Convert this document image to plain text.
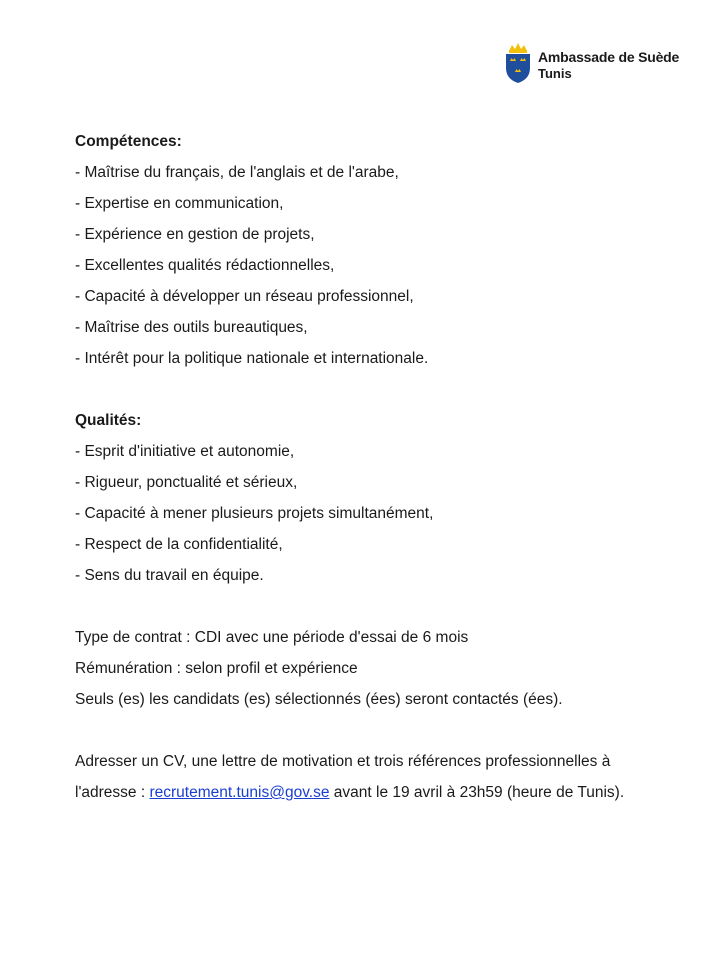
Ambassade de Suède
Tunis
Compétences:
- Maîtrise du français, de l'anglais et de l'arabe,
- Expertise en communication,
- Expérience en gestion de projets,
- Excellentes qualités rédactionnelles,
- Capacité à développer un réseau professionnel,
- Maîtrise des outils bureautiques,
- Intérêt pour la politique nationale et internationale.
Qualités:
- Esprit d'initiative et autonomie,
- Rigueur, ponctualité et sérieux,
- Capacité à mener plusieurs projets simultanément,
- Respect de la confidentialité,
- Sens du travail en équipe.
Type de contrat : CDI avec une période d'essai de 6 mois
Rémunération : selon profil et expérience
Seuls (es) les candidats (es) sélectionnés (ées) seront contactés (ées).
Adresser un CV, une lettre de motivation et trois références professionnelles à
l'adresse : recrutement.tunis@gov.se avant le 19 avril à 23h59 (heure de Tunis).
